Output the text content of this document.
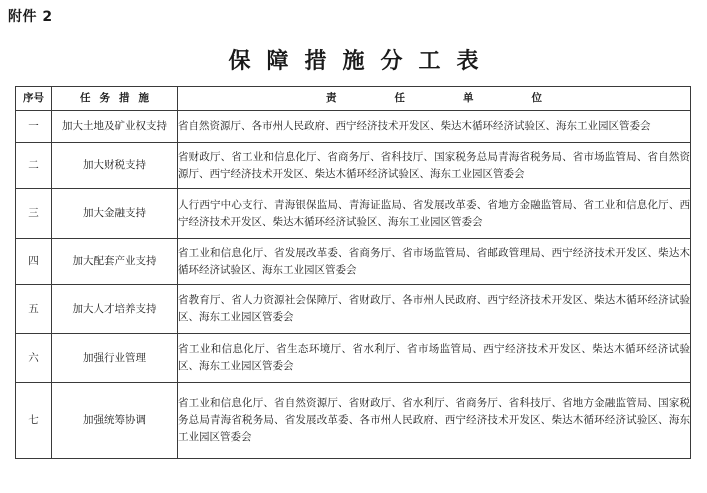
附件 2
保障措施分工表
序号	任务措施	责 任 单 位
一	加大土地及矿业权支持	省自然资源厅、各市州人民政府、西宁经济技术开发区、柴达木循环经济试验区、海东工业园区管委会
二	加大财税支持	省财政厅、省工业和信息化厅、省商务厅、省科技厅、国家税务总局青海省税务局、省市场监管局、省自然资源厅、西宁经济技术开发区、柴达木循环经济试验区、海东工业园区管委会
三	加大金融支持	人行西宁中心支行、青海银保监局、青海证监局、省发展改革委、省地方金融监管局、省工业和信息化厅、西宁经济技术开发区、柴达木循环经济试验区、海东工业园区管委会
四	加大配套产业支持	省工业和信息化厅、省发展改革委、省商务厅、省市场监管局、省邮政管理局、西宁经济技术开发区、柴达木循环经济试验区、海东工业园区管委会
五	加大人才培养支持	省教育厅、省人力资源社会保障厅、省财政厅、各市州人民政府、西宁经济技术开发区、柴达木循环经济试验区、海东工业园区管委会
六	加强行业管理	省工业和信息化厅、省生态环境厅、省水利厅、省市场监管局、西宁经济技术开发区、柴达木循环经济试验区、海东工业园区管委会
七	加强统筹协调	省工业和信息化厅、省自然资源厅、省财政厅、省水利厅、省商务厅、省科技厅、省地方金融监管局、国家税务总局青海省税务局、省发展改革委、各市州人民政府、西宁经济技术开发区、柴达木循环经济试验区、海东工业园区管委会
